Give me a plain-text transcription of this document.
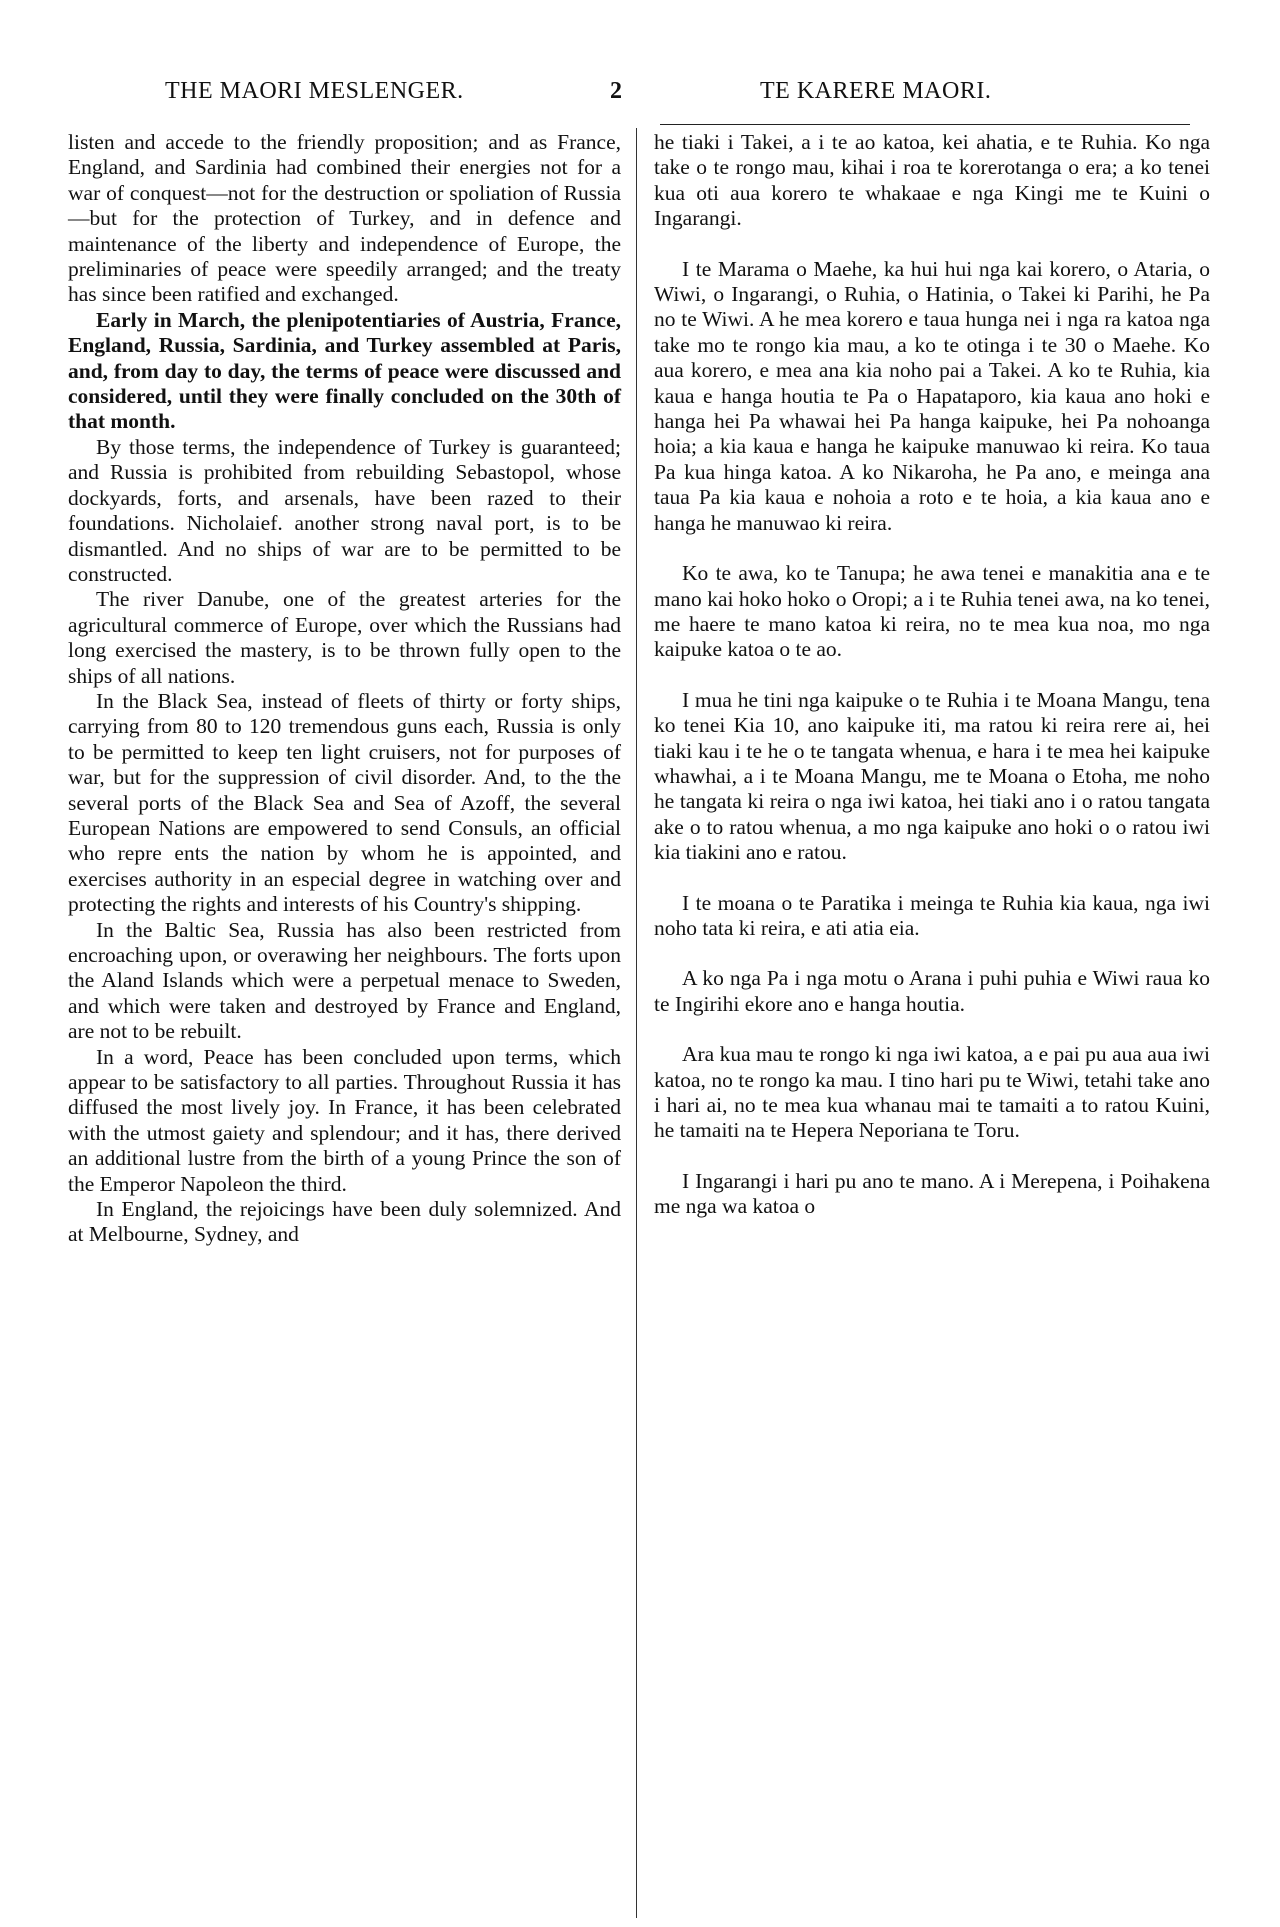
THE MAORI MESLENGER.	2	TE KARERE MAORI.

listen and accede to the friendly proposition; and as France, England, and Sardinia had combined their energies not for a war of conquest—not for the destruction or spoliation of Russia —but for the protection of Turkey, and in defence and maintenance of the liberty and independence of Europe, the preliminaries of peace were speedily arranged; and the treaty has since been ratified and exchanged.

Early in March, the plenipotentiaries of Austria, France, England, Russia, Sardinia, and Turkey assembled at Paris, and, from day to day, the terms of peace were discussed and considered, until they were finally concluded on the 30th of that month.

By those terms, the independence of Turkey is guaranteed; and Russia is prohibited from rebuilding Sebastopol, whose dockyards, forts, and arsenals, have been razed to their foundations. Nicholaief. another strong naval port, is to be dismantled. And no ships of war are to be permitted to be constructed.

The river Danube, one of the greatest arteries for the agricultural commerce of Europe, over which the Russians had long exercised the mastery, is to be thrown fully open to the ships of all nations.

In the Black Sea, instead of fleets of thirty or forty ships, carrying from 80 to 120 tremendous guns each, Russia is only to be permitted to keep ten light cruisers, not for purposes of war, but for the suppression of civil disorder. And, to the the several ports of the Black Sea and Sea of Azoff, the several European Nations are empowered to send Consuls, an official who repre ents the nation by whom he is appointed, and exercises authority in an especial degree in watching over and protecting the rights and interests of his Country's shipping.

In the Baltic Sea, Russia has also been restricted from encroaching upon, or overawing her neighbours. The forts upon the Aland Islands which were a perpetual menace to Sweden, and which were taken and destroyed by France and England, are not to be rebuilt.

In a word, Peace has been concluded upon terms, which appear to be satisfactory to all parties. Throughout Russia it has diffused the most lively joy. In France, it has been celebrated with the utmost gaiety and splendour; and it has, there derived an additional lustre from the birth of a young Prince the son of the Emperor Napoleon the third.

In England, the rejoicings have been duly solemnized. And at Melbourne, Sydney, and

he tiaki i Takei, a i te ao katoa, kei ahatia, e te Ruhia. Ko nga take o te rongo mau, kihai i roa te korerotanga o era; a ko tenei kua oti aua korero te whakaae e nga Kingi me te Kuini o Ingarangi.

I te Marama o Maehe, ka hui hui nga kai korero, o Ataria, o Wiwi, o Ingarangi, o Ruhia, o Hatinia, o Takei ki Parihi, he Pa no te Wiwi. A he mea korero e taua hunga nei i nga ra katoa nga take mo te rongo kia mau, a ko te otinga i te 30 o Maehe. Ko aua korero, e mea ana kia noho pai a Takei. A ko te Ruhia, kia kaua e hanga houtia te Pa o Hapataporo, kia kaua ano hoki e hanga hei Pa whawai hei Pa hanga kaipuke, hei Pa nohoanga hoia; a kia kaua e hanga he kaipuke manuwao ki reira. Ko taua Pa kua hinga katoa. A ko Nikaroha, he Pa ano, e meinga ana taua Pa kia kaua e nohoia a roto e te hoia, a kia kaua ano e hanga he manuwao ki reira.

Ko te awa, ko te Tanupa; he awa tenei e manakitia ana e te mano kai hoko hoko o Oropi; a i te Ruhia tenei awa, na ko tenei, me haere te mano katoa ki reira, no te mea kua noa, mo nga kaipuke katoa o te ao.

I mua he tini nga kaipuke o te Ruhia i te Moana Mangu, tena ko tenei Kia 10, ano kaipuke iti, ma ratou ki reira rere ai, hei tiaki kau i te he o te tangata whenua, e hara i te mea hei kaipuke whawhai, a i te Moana Mangu, me te Moana o Etoha, me noho he tangata ki reira o nga iwi katoa, hei tiaki ano i o ratou tangata ake o to ratou whenua, a mo nga kaipuke ano hoki o o ratou iwi kia tiakini ano e ratou.

I te moana o te Paratika i meinga te Ruhia kia kaua, nga iwi noho tata ki reira, e ati atia eia.

A ko nga Pa i nga motu o Arana i puhi puhia e Wiwi raua ko te Ingirihi ekore ano e hanga houtia.

Ara kua mau te rongo ki nga iwi katoa, a e pai pu aua aua iwi katoa, no te rongo ka mau. I tino hari pu te Wiwi, tetahi take ano i hari ai, no te mea kua whanau mai te tamaiti a to ratou Kuini, he tamaiti na te Hepera Neporiana te Toru.

I Ingarangi i hari pu ano te mano. A i Merepena, i Poihakena me nga wa katoa o
